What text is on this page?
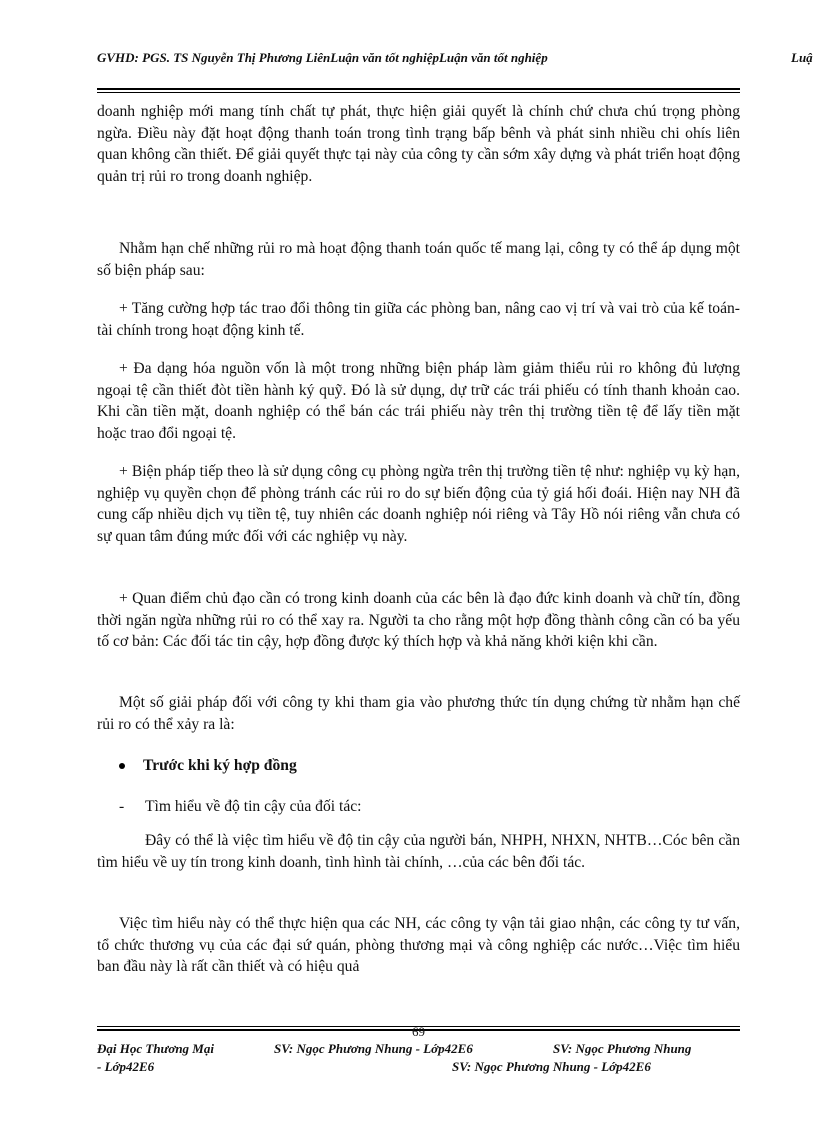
GVHD: PGS. TS Nguyễn Thị Phương LiênLuận văn tốt nghiệpLuận văn tốt nghiệp	Luậ

doanh nghiệp mới mang tính chất tự phát, thực hiện giải quyết là chính chứ chưa chú trọng phòng ngừa. Điều này đặt hoạt động thanh toán trong tình trạng bấp bênh và phát sinh nhiều chi ohís liên quan không cần thiết. Để giải quyết thực tại này của công ty cần sớm xây dựng và phát triển hoạt động quản trị rủi ro trong doanh nghiệp.

Nhằm hạn chế những rủi ro mà hoạt động thanh toán quốc tế mang lại, công ty có thể áp dụng một số biện pháp sau:

+ Tăng cường hợp tác trao đổi thông tin giữa các phòng ban, nâng cao vị trí và vai trò của kế toán- tài chính trong hoạt động kinh tế.

+ Đa dạng hóa nguồn vốn là một trong những biện pháp làm giảm thiểu rủi ro không đủ lượng ngoại tệ cần thiết đòt tiền hành ký quỹ. Đó là sử dụng, dự trữ các trái phiếu có tính thanh khoản cao. Khi cần tiền mặt, doanh nghiệp có thể bán các trái phiếu này trên thị trường tiền tệ để lấy tiền mặt hoặc trao đổi ngoại tệ.

+ Biện pháp tiếp theo là sử dụng công cụ phòng ngừa trên thị trường tiền tệ như: nghiệp vụ kỳ hạn, nghiệp vụ quyền chọn để phòng tránh các rủi ro do sự biến động của tỷ giá hối đoái. Hiện nay NH đã cung cấp nhiều dịch vụ tiền tệ, tuy nhiên các doanh nghiệp nói riêng và Tây Hồ nói riêng vẫn chưa có sự quan tâm đúng mức đối với các nghiệp vụ này.

+ Quan điểm chủ đạo cần có trong kinh doanh của các bên là đạo đức kinh doanh và chữ tín, đồng thời ngăn ngừa những rủi ro có thể xay ra. Người ta cho rằng một hợp đồng thành công cần có ba yếu tố cơ bản: Các đối tác tin cậy, hợp đồng được ký thích hợp và khả năng khởi kiện khi cần.

Một số giải pháp đối với công ty khi tham gia vào phương thức tín dụng chứng từ nhằm hạn chế rủi ro có thể xảy ra là:

Trước khi ký hợp đồng
- Tìm hiểu về độ tin cậy của đối tác:

Đây có thể là việc tìm hiểu về độ tin cậy của người bán, NHPH, NHXN, NHTB…Cóc bên cần tìm hiểu về uy tín trong kinh doanh, tình hình tài chính, …của các bên đối tác.

Việc tìm hiểu này có thể thực hiện qua các NH, các công ty vận tải giao nhận, các công ty tư vấn, tổ chức thương vụ của các đại sứ quán, phòng thương mại và công nghiệp các nước…Việc tìm hiểu ban đầu này là rất cần thiết và có hiệu quả

69
Đại Học Thương Mại	SV: Ngọc Phương Nhung - Lớp42E6	SV: Ngọc Phương Nhung
- Lớp42E6	SV: Ngọc Phương Nhung - Lớp42E6
